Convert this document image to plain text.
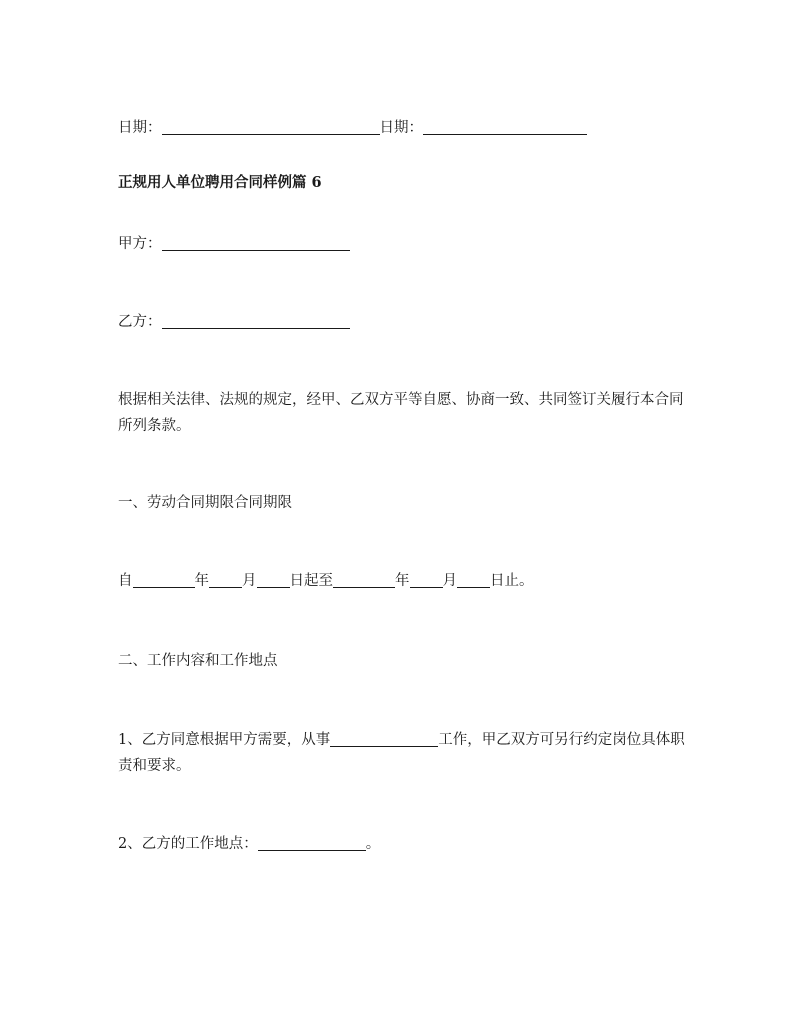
日期：	日期：
正规用人单位聘用合同样例篇 6
甲方：
乙方：
根据相关法律、法规的规定，经甲、乙双方平等自愿、协商一致、共同签订关履行本合同所列条款。
一、劳动合同期限合同期限
自	年 月 日起至	年 月 日止。
二、工作内容和工作地点
1、乙方同意根据甲方需要，从事	工作，甲乙双方可另行约定岗位具体职责和要求。
2、乙方的工作地点：	。
